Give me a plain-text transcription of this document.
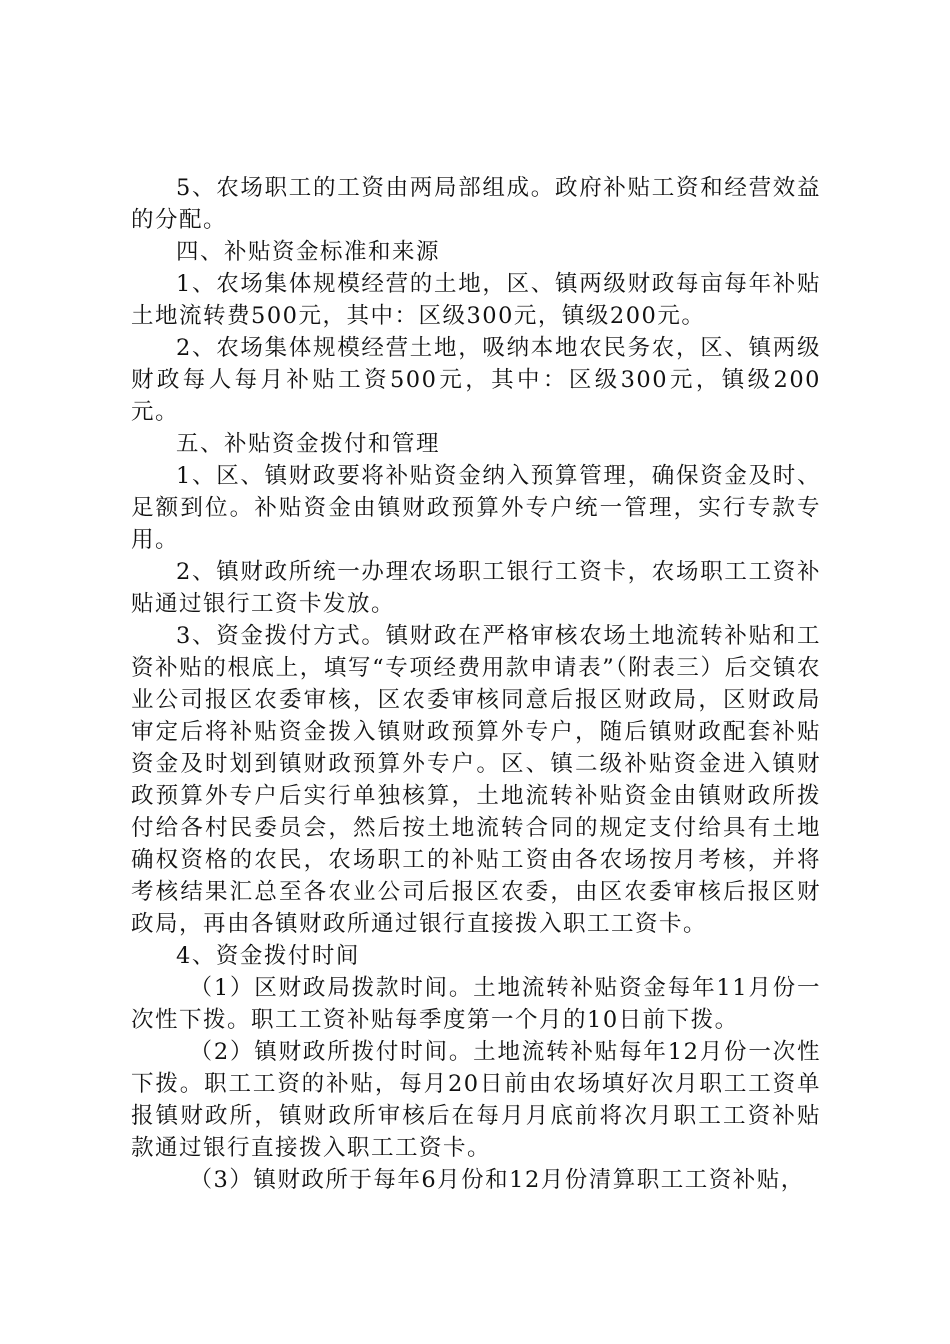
5、农场职工的工资由两局部组成。政府补贴工资和经营效益的分配。

四、补贴资金标准和来源

1、农场集体规模经营的土地，区、镇两级财政每亩每年补贴土地流转费500元，其中：区级300元，镇级200元。

2、农场集体规模经营土地，吸纳本地农民务农，区、镇两级财政每人每月补贴工资500元，其中：区级300元，镇级200元。

五、补贴资金拨付和管理

1、区、镇财政要将补贴资金纳入预算管理，确保资金及时、足额到位。补贴资金由镇财政预算外专户统一管理，实行专款专用。

2、镇财政所统一办理农场职工银行工资卡，农场职工工资补贴通过银行工资卡发放。

3、资金拨付方式。镇财政在严格审核农场土地流转补贴和工资补贴的根底上，填写“专项经费用款申请表”（附表三）后交镇农业公司报区农委审核，区农委审核同意后报区财政局，区财政局审定后将补贴资金拨入镇财政预算外专户，随后镇财政配套补贴资金及时划到镇财政预算外专户。区、镇二级补贴资金进入镇财政预算外专户后实行单独核算，土地流转补贴资金由镇财政所拨付给各村民委员会，然后按土地流转合同的规定支付给具有土地确权资格的农民，农场职工的补贴工资由各农场按月考核，并将考核结果汇总至各农业公司后报区农委，由区农委审核后报区财政局，再由各镇财政所通过银行直接拨入职工工资卡。

4、资金拨付时间

（1）区财政局拨款时间。土地流转补贴资金每年11月份一次性下拨。职工工资补贴每季度第一个月的10日前下拨。

（2）镇财政所拨付时间。土地流转补贴每年12月份一次性下拨。职工工资的补贴，每月20日前由农场填好次月职工工资单报镇财政所，镇财政所审核后在每月月底前将次月职工工资补贴款通过银行直接拨入职工工资卡。

（3）镇财政所于每年6月份和12月份清算职工工资补贴，
